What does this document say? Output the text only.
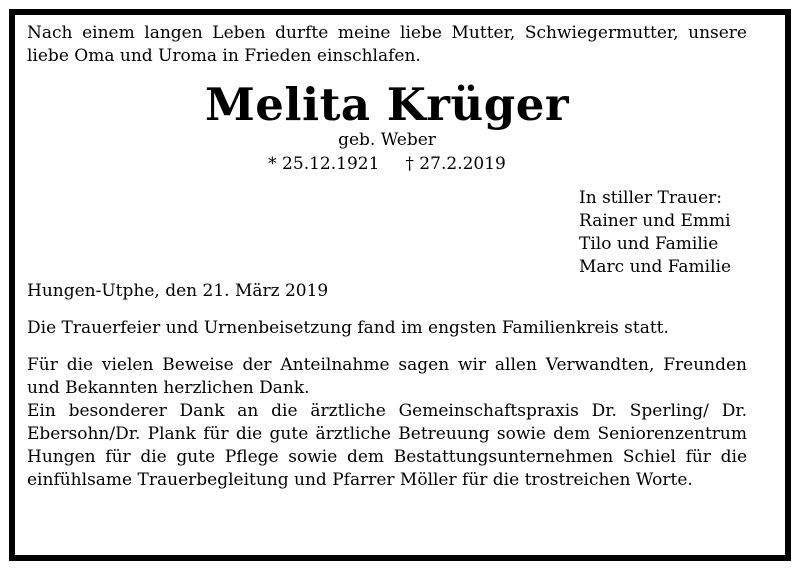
Nach einem langen Leben durfte meine liebe Mutter, Schwiegermutter, unsere liebe Oma und Uroma in Frieden einschlafen.

Melita Krüger
geb. Weber
* 25.12.1921 † 27.2.2019
In stiller Trauer:
Rainer und Emmi
Tilo und Familie
Marc und Familie
Hungen-Utphe, den 21. März 2019
Die Trauerfeier und Urnenbeisetzung fand im engsten Familienkreis statt.
Für die vielen Beweise der Anteilnahme sagen wir allen Verwandten, Freunden und Bekannten herzlichen Dank.
Ein besonderer Dank an die ärztliche Gemeinschaftspraxis Dr. Sperling/ Dr. Ebersohn/Dr. Plank für die gute ärztliche Betreuung sowie dem Seniorenzentrum Hungen für die gute Pflege sowie dem Bestattungsunternehmen Schiel für die einfühlsame Trauerbegleitung und Pfarrer Möller für die trostreichen Worte.
